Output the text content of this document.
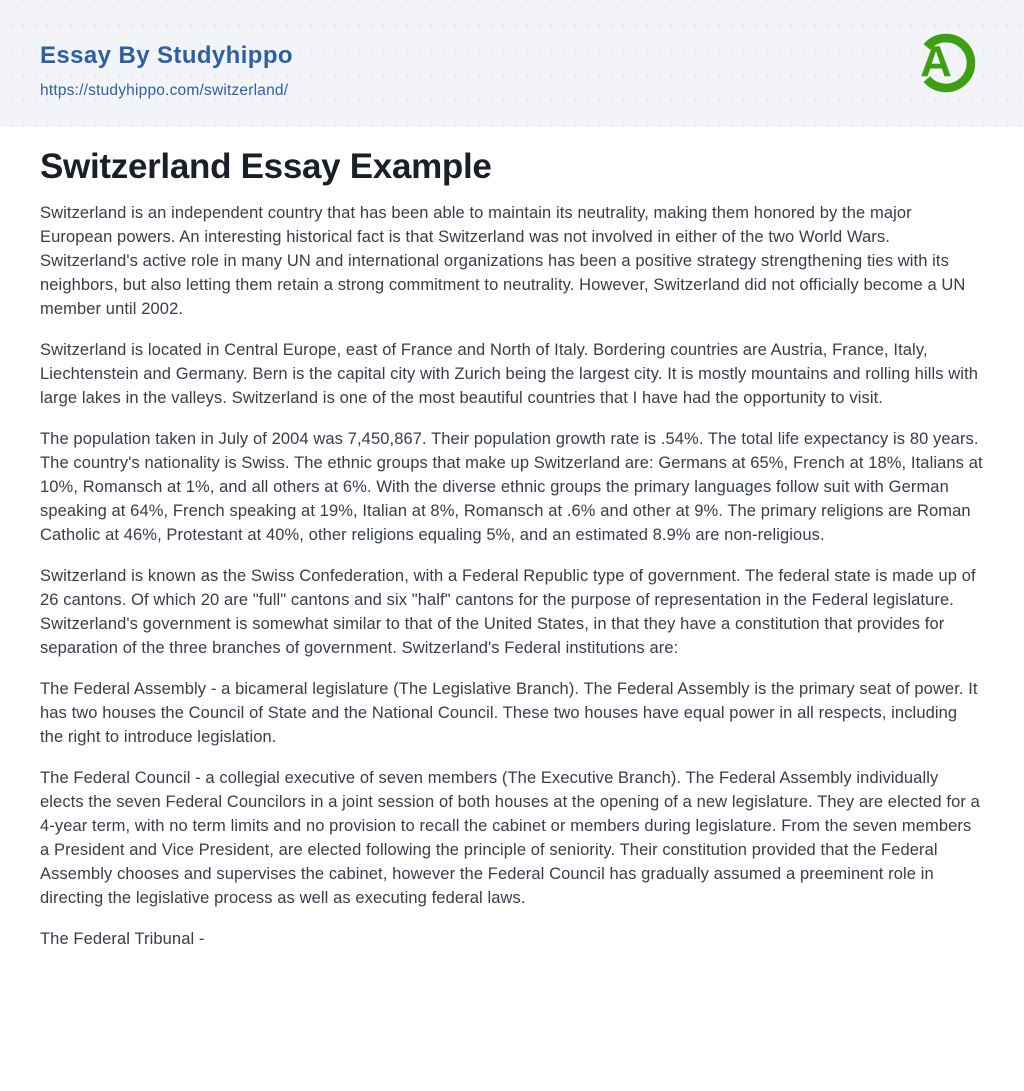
Essay By Studyhippo
https://studyhippo.com/switzerland/
A
Switzerland Essay Example

Switzerland is an independent country that has been able to maintain its neutrality, making them honored by the major European powers. An interesting historical fact is that Switzerland was not involved in either of the two World Wars. Switzerland's active role in many UN and international organizations has been a positive strategy strengthening ties with its neighbors, but also letting them retain a strong commitment to neutrality. However, Switzerland did not officially become a UN member until 2002.

Switzerland is located in Central Europe, east of France and North of Italy. Bordering countries are Austria, France, Italy, Liechtenstein and Germany. Bern is the capital city with Zurich being the largest city. It is mostly mountains and rolling hills with large lakes in the valleys. Switzerland is one of the most beautiful countries that I have had the opportunity to visit.

The population taken in July of 2004 was 7,450,867. Their population growth rate is .54%. The total life expectancy is 80 years. The country's nationality is Swiss. The ethnic groups that make up Switzerland are: Germans at 65%, French at 18%, Italians at 10%, Romansch at 1%, and all others at 6%. With the diverse ethnic groups the primary languages follow suit with German speaking at 64%, French speaking at 19%, Italian at 8%, Romansch at .6% and other at 9%. The primary religions are Roman Catholic at 46%, Protestant at 40%, other religions equaling 5%, and an estimated 8.9% are non-religious.

Switzerland is known as the Swiss Confederation, with a Federal Republic type of government. The federal state is made up of 26 cantons. Of which 20 are "full" cantons and six "half" cantons for the purpose of representation in the Federal legislature. Switzerland's government is somewhat similar to that of the United States, in that they have a constitution that provides for separation of the three branches of government. Switzerland's Federal institutions are:

The Federal Assembly - a bicameral legislature (The Legislative Branch). The Federal Assembly is the primary seat of power. It has two houses the Council of State and the National Council. These two houses have equal power in all respects, including the right to introduce legislation.

The Federal Council - a collegial executive of seven members (The Executive Branch). The Federal Assembly individually elects the seven Federal Councilors in a joint session of both houses at the opening of a new legislature. They are elected for a 4-year term, with no term limits and no provision to recall the cabinet or members during legislature. From the seven members a President and Vice President, are elected following the principle of seniority. Their constitution provided that the Federal Assembly chooses and supervises the cabinet, however the Federal Council has gradually assumed a preeminent role in directing the legislative process as well as executing federal laws.

The Federal Tribunal -
